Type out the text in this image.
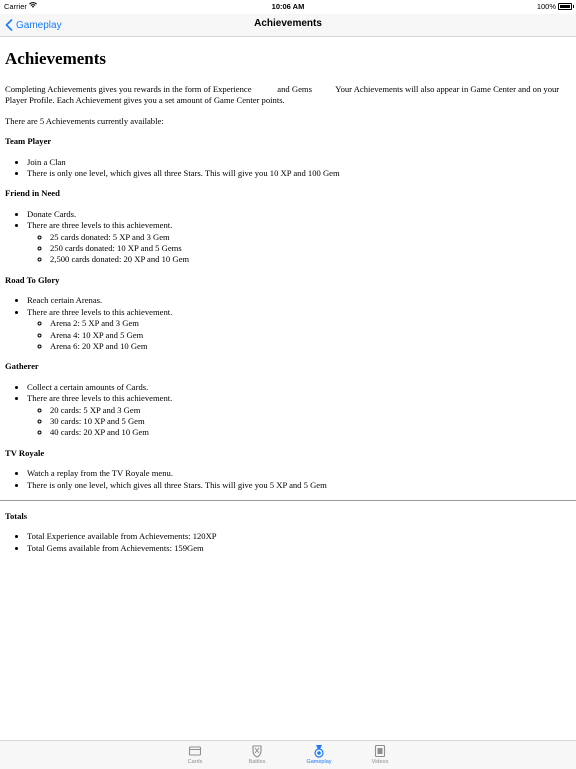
Carrier	10:06 AM	100%
Gameplay	Achievements
Achievements

Completing Achievements gives you rewards in the form of Experience            and Gems           Your Achievements will also appear in Game Center and on your Player Profile. Each Achievement gives you a set amount of Game Center points.

There are 5 Achievements currently available:

Team Player
• Join a Clan
• There is only one level, which gives all three Stars. This will give you 10 XP and 100 Gem
Friend in Need
• Donate Cards.
• There are three levels to this achievement.
◦ 25 cards donated: 5 XP and 3 Gem
◦ 250 cards donated: 10 XP and 5 Gems
◦ 2,500 cards donated: 20 XP and 10 Gem
Road To Glory
• Reach certain Arenas.
• There are three levels to this achievement.
◦ Arena 2: 5 XP and 3 Gem
◦ Arena 4: 10 XP and 5 Gem
◦ Arena 6: 20 XP and 10 Gem
Gatherer
• Collect a certain amounts of Cards.
• There are three levels to this achievement.
◦ 20 cards: 5 XP and 3 Gem
◦ 30 cards: 10 XP and 5 Gem
◦ 40 cards: 20 XP and 10 Gem
TV Royale
• Watch a replay from the TV Royale menu.
• There is only one level, which gives all three Stars. This will give you 5 XP and 5 Gem
Totals
• Total Experience available from Achievements: 120XP
• Total Gems available from Achievements: 159Gem
Cards	Battles	Gameplay	Videos
